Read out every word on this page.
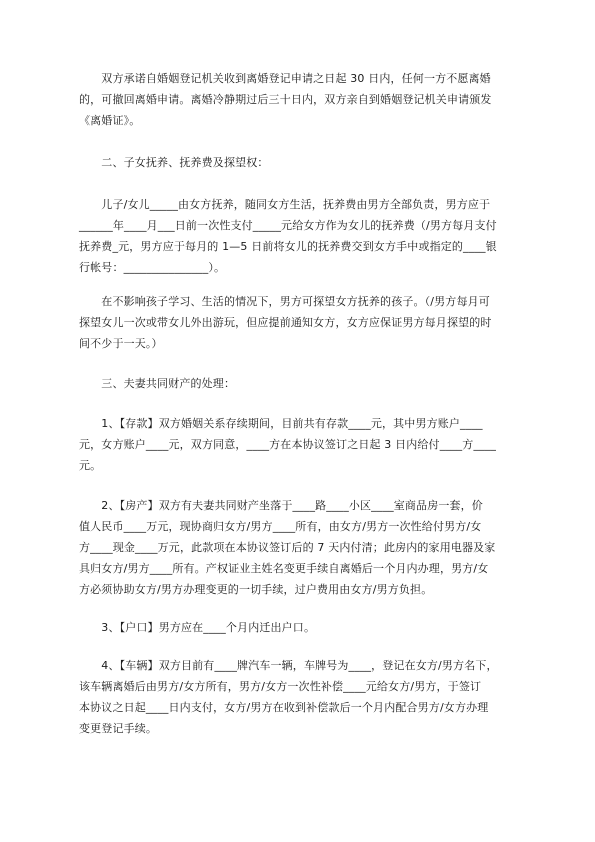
　　双方承诺自婚姻登记机关收到离婚登记申请之日起 30 日内，任何一方不愿离婚
的，可撤回离婚申请。离婚冷静期过后三十日内，双方亲自到婚姻登记机关申请颁发
《离婚证》。
　　二、子女抚养、抚养费及探望权：
　　儿子/女儿_____由女方抚养，随同女方生活，抚养费由男方全部负责，男方应于
______年____月___日前一次性支付_____元给女方作为女儿的抚养费（/男方每月支付
抚养费_元，男方应于每月的 1—5 日前将女儿的抚养费交到女方手中或指定的____银
行帐号：_______________）。
　　在不影响孩子学习、生活的情况下，男方可探望女方抚养的孩子。（/男方每月可
探望女儿一次或带女儿外出游玩，但应提前通知女方，女方应保证男方每月探望的时
间不少于一天。）
　　三、夫妻共同财产的处理：
　　1、【存款】双方婚姻关系存续期间，目前共有存款____元，其中男方账户____
元，女方账户____元，双方同意，____方在本协议签订之日起 3 日内给付____方____
元。
　　2、【房产】双方有夫妻共同财产坐落于____路____小区____室商品房一套，价
值人民币____万元，现协商归女方/男方____所有，由女方/男方一次性给付男方/女
方____现金____万元，此款项在本协议签订后的 7 天内付清；此房内的家用电器及家
具归女方/男方____所有。产权证业主姓名变更手续自离婚后一个月内办理，男方/女
方必须协助女方/男方办理变更的一切手续，过户费用由女方/男方负担。
　　3、【户口】男方应在____个月内迁出户口。
　　4、【车辆】双方目前有____牌汽车一辆，车牌号为____，登记在女方/男方名下，
该车辆离婚后由男方/女方所有，男方/女方一次性补偿____元给女方/男方，于签订
本协议之日起____日内支付，女方/男方在收到补偿款后一个月内配合男方/女方办理
变更登记手续。
